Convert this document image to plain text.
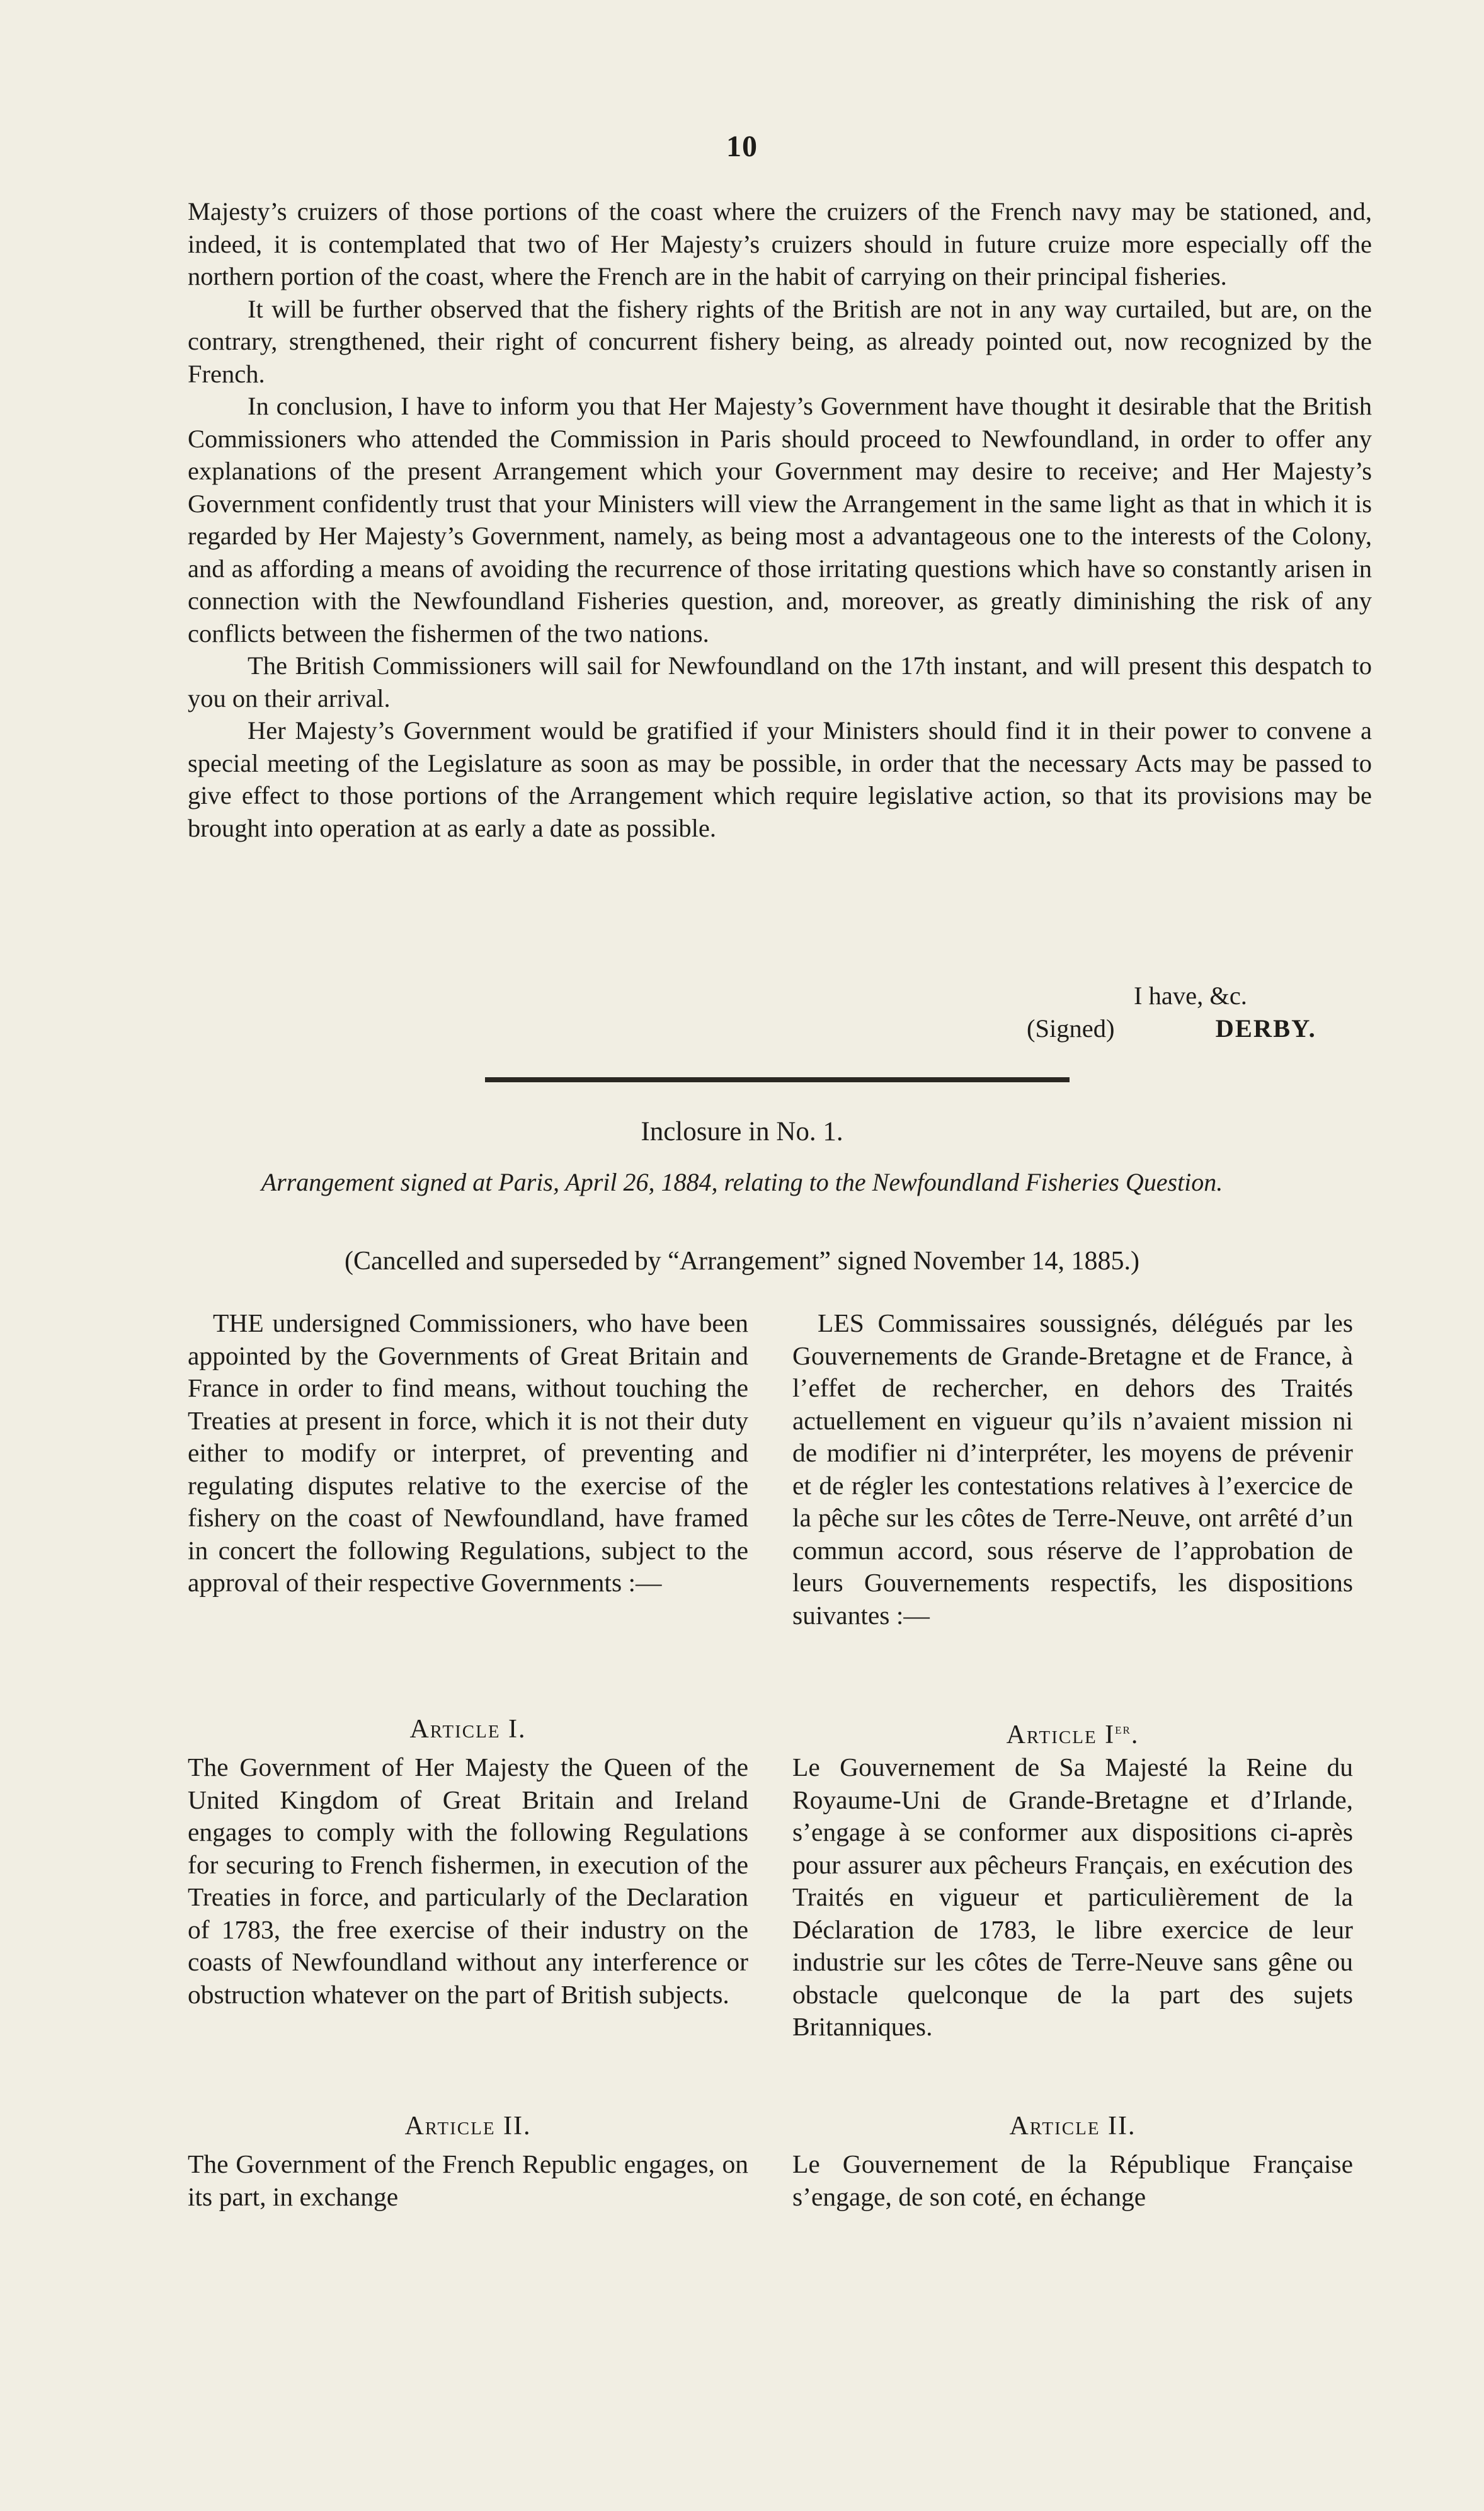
10

Majesty’s cruizers of those portions of the coast where the cruizers of the French navy may be stationed, and, indeed, it is contemplated that two of Her Majesty’s cruizers should in future cruize more especially off the northern portion of the coast, where the French are in the habit of carrying on their principal fisheries.

It will be further observed that the fishery rights of the British are not in any way curtailed, but are, on the contrary, strengthened, their right of concurrent fishery being, as already pointed out, now recognized by the French.

In conclusion, I have to inform you that Her Majesty’s Government have thought it desirable that the British Commissioners who attended the Commission in Paris should proceed to Newfoundland, in order to offer any explanations of the present Arrangement which your Government may desire to receive; and Her Majesty’s Government confidently trust that your Ministers will view the Arrangement in the same light as that in which it is regarded by Her Majesty’s Government, namely, as being most a advantageous one to the interests of the Colony, and as affording a means of avoiding the recurrence of those irritating questions which have so constantly arisen in connection with the Newfoundland Fisheries question, and, moreover, as greatly diminishing the risk of any conflicts between the fishermen of the two nations.

The British Commissioners will sail for Newfoundland on the 17th instant, and will present this despatch to you on their arrival.

Her Majesty’s Government would be gratified if your Ministers should find it in their power to convene a special meeting of the Legislature as soon as may be possible, in order that the necessary Acts may be passed to give effect to those portions of the Arrangement which require legislative action, so that its provisions may be brought into operation at as early a date as possible.

I have, &c.
(Signed)	DERBY.
Inclosure in No. 1.
Arrangement signed at Paris, April 26, 1884, relating to the Newfoundland Fisheries Question.
(Cancelled and superseded by “Arrangement” signed November 14, 1885.)

THE undersigned Commissioners, who have been appointed by the Governments of Great Britain and France in order to find means, without touching the Treaties at present in force, which it is not their duty either to modify or interpret, of preventing and regulating disputes relative to the exercise of the fishery on the coast of Newfoundland, have framed in concert the following Regulations, subject to the approval of their respective Governments :—

Article I.

The Government of Her Majesty the Queen of the United Kingdom of Great Britain and Ireland engages to comply with the following Regulations for securing to French fishermen, in execution of the Treaties in force, and particularly of the Declaration of 1783, the free exercise of their industry on the coasts of Newfoundland without any interference or obstruction whatever on the part of British subjects.

Article II.

The Government of the French Republic engages, on its part, in exchange

LES Commissaires soussignés, délégués par les Gouvernements de Grande-Bretagne et de France, à l’effet de rechercher, en dehors des Traités actuellement en vigueur qu’ils n’avaient mission ni de modifier ni d’interpréter, les moyens de prévenir et de régler les contestations relatives à l’exercice de la pêche sur les côtes de Terre-Neuve, ont arrêté d’un commun accord, sous réserve de l’approbation de leurs Gouvernements respectifs, les dispositions suivantes :—

Article Ier.

Le Gouvernement de Sa Majesté la Reine du Royaume-Uni de Grande-Bretagne et d’Irlande, s’engage à se conformer aux dispositions ci-après pour assurer aux pêcheurs Français, en exécution des Traités en vigueur et particulièrement de la Déclaration de 1783, le libre exercice de leur industrie sur les côtes de Terre-Neuve sans gêne ou obstacle quelconque de la part des sujets Britanniques.

Article II.

Le Gouvernement de la République Française s’engage, de son coté, en échange
